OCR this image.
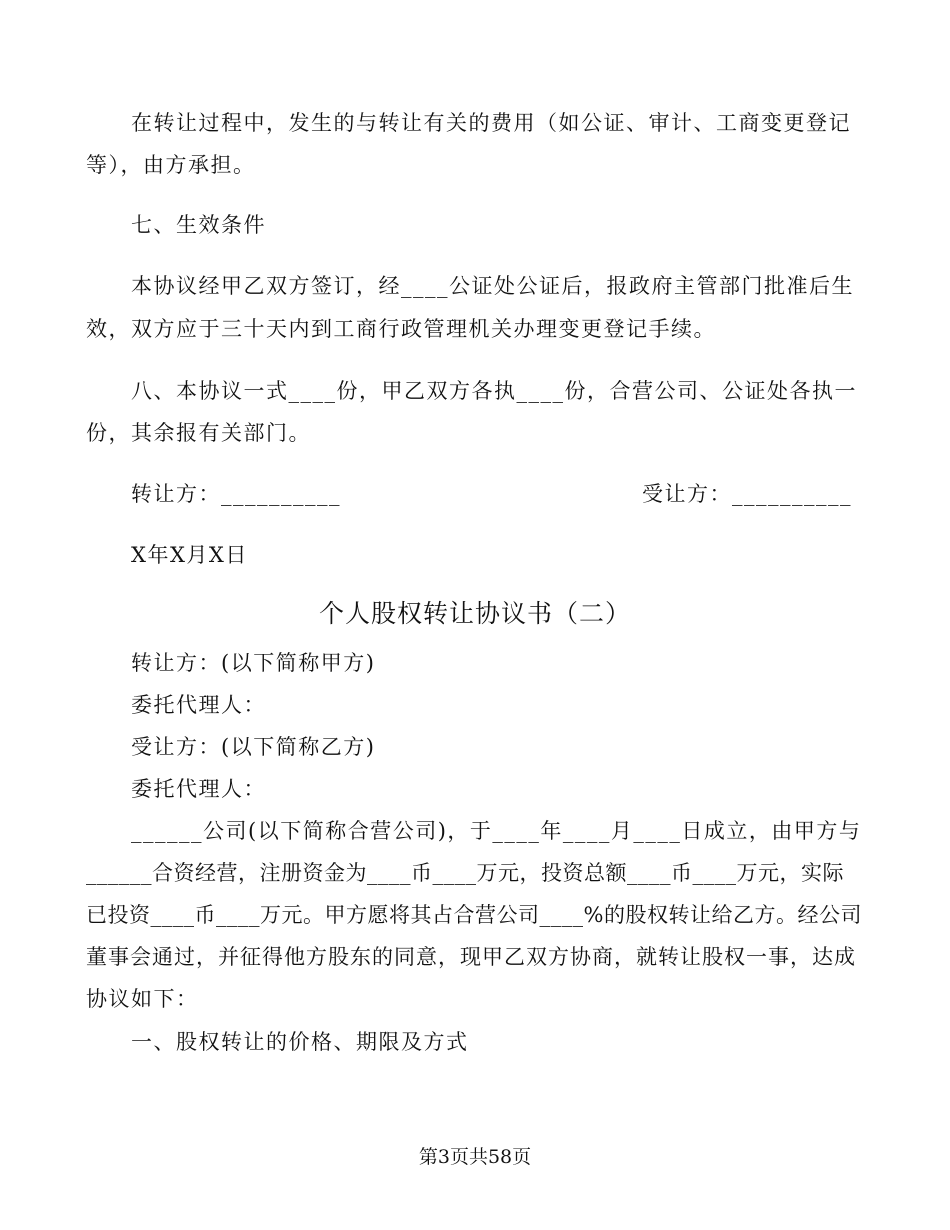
在转让过程中，发生的与转让有关的费用（如公证、审计、工商变更登记
等），由方承担。
七、生效条件
本协议经甲乙双方签订，经____公证处公证后，报政府主管部门批准后生
效，双方应于三十天内到工商行政管理机关办理变更登记手续。
八、本协议一式____份，甲乙双方各执____份，合营公司、公证处各执一
份，其余报有关部门。
转让方：__________	受让方：__________
X年X月X日
个人股权转让协议书（二）
转让方：(以下简称甲方)
委托代理人：
受让方：(以下简称乙方)
委托代理人：
______公司(以下简称合营公司)，于____年____月____日成立，由甲方与
______合资经营，注册资金为____币____万元，投资总额____币____万元，实际
已投资____币____万元。甲方愿将其占合营公司____%的股权转让给乙方。经公司
董事会通过，并征得他方股东的同意，现甲乙双方协商，就转让股权一事，达成
协议如下：
一、股权转让的价格、期限及方式
第3页共58页
